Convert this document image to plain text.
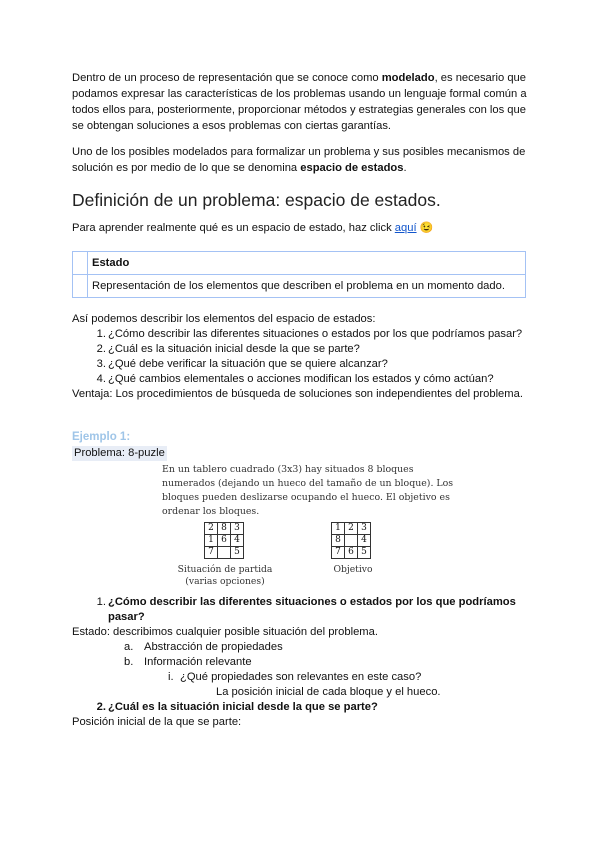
Dentro de un proceso de representación que se conoce como modelado, es necesario que podamos expresar las características de los problemas usando un lenguaje formal común a todos ellos para, posteriormente, proporcionar métodos y estrategias generales con los que se obtengan soluciones a esos problemas con ciertas garantías.
Uno de los posibles modelados para formalizar un problema y sus posibles mecanismos de solución es por medio de lo que se denomina espacio de estados.
Definición de un problema: espacio de estados.
Para aprender realmente qué es un espacio de estado, haz click aquí 😉
	Estado
	Representación de los elementos que describen el problema en un momento dado.
Así podemos describir los elementos del espacio de estados:
1. ¿Cómo describir las diferentes situaciones o estados por los que podríamos pasar?
2. ¿Cuál es la situación inicial desde la que se parte?
3. ¿Qué debe verificar la situación que se quiere alcanzar?
4. ¿Qué cambios elementales o acciones modifican los estados y cómo actúan?
Ventaja: Los procedimientos de búsqueda de soluciones son independientes del problema.
Ejemplo 1:
Problema: 8-puzle
En un tablero cuadrado (3x3) hay situados 8 bloques numerados (dejando un hueco del tamaño de un bloque). Los bloques pueden deslizarse ocupando el hueco. El objetivo es ordenar los bloques.
2	8	3
1	6	4
7		5
Situación de partida
(varias opciones)
1	2	3
8		4
7	6	5
Objetivo
1. ¿Cómo describir las diferentes situaciones o estados por los que podríamos pasar?
Estado: describimos cualquier posible situación del problema.
a. Abstracción de propiedades
b. Información relevante
i. ¿Qué propiedades son relevantes en este caso?
La posición inicial de cada bloque y el hueco.
2. ¿Cuál es la situación inicial desde la que se parte?
Posición inicial de la que se parte:
